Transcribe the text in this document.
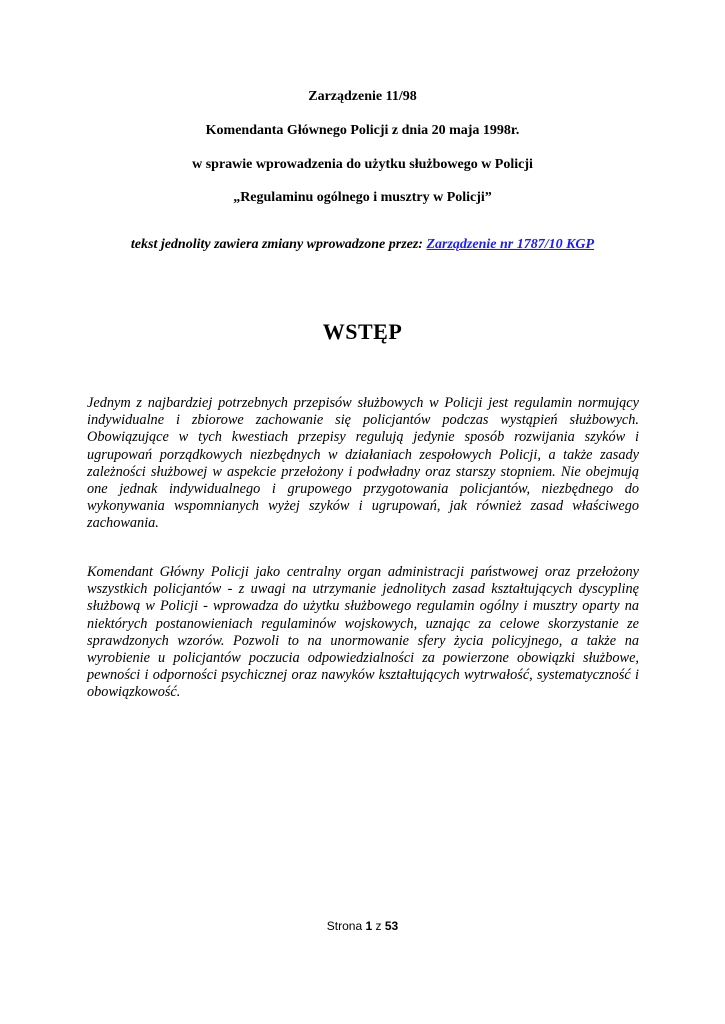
Zarządzenie 11/98

Komendanta Głównego Policji z dnia 20 maja 1998r.

w sprawie wprowadzenia do użytku służbowego w Policji

„Regulaminu ogólnego i musztry w Policji”

tekst jednolity zawiera zmiany wprowadzone przez: Zarządzenie nr 1787/10 KGP

WSTĘP

Jednym z najbardziej potrzebnych przepisów służbowych w Policji jest regulamin normujący indywidualne i zbiorowe zachowanie się policjantów podczas wystąpień służbowych. Obowiązujące w tych kwestiach przepisy regulują jedynie sposób rozwijania szyków i ugrupowań porządkowych niezbędnych w działaniach zespołowych Policji, a także zasady zależności służbowej w aspekcie przełożony i podwładny oraz starszy stopniem. Nie obejmują one jednak indywidualnego i grupowego przygotowania policjantów, niezbędnego do wykonywania wspomnianych wyżej szyków i ugrupowań, jak również zasad właściwego zachowania.

Komendant Główny Policji jako centralny organ administracji państwowej oraz przełożony wszystkich policjantów - z uwagi na utrzymanie jednolitych zasad kształtujących dyscyplinę służbową w Policji - wprowadza do użytku służbowego regulamin ogólny i musztry oparty na niektórych postanowieniach regulaminów wojskowych, uznając za celowe skorzystanie ze sprawdzonych wzorów. Pozwoli to na unormowanie sfery życia policyjnego, a także na wyrobienie u policjantów poczucia odpowiedzialności za powierzone obowiązki służbowe, pewności i odporności psychicznej oraz nawyków kształtujących wytrwałość, systematyczność i obowiązkowość.

Strona 1 z 53
